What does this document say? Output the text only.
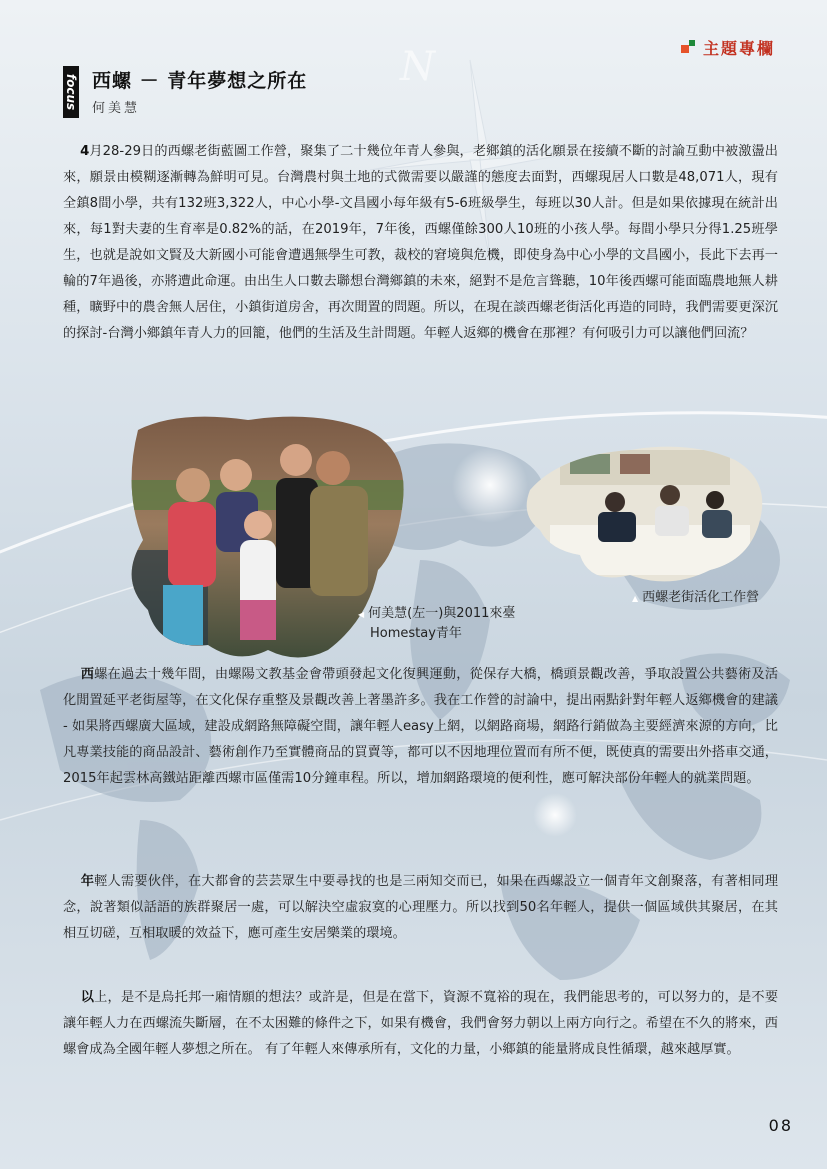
N	主題專欄
focus 西螺 － 青年夢想之所在
何美慧
4月28-29日的西螺老街藍圖工作營，聚集了二十幾位年青人參與，老鄉鎮的活化願景在接續不斷的討論互動中被激盪出來，願景由模糊逐漸轉為鮮明可見。台灣農村與土地的式微需要以嚴謹的態度去面對，西螺現居人口數是48,071人，現有全鎮8間小學，共有132班3,322人，中心小學-文昌國小每年級有5-6班級學生，每班以30人計。但是如果依據現在統計出來，每1對夫妻的生育率是0.82%的話，在2019年，7年後，西螺僅餘300人10班的小孩人學。每間小學只分得1.25班學生，也就是說如文賢及大新國小可能會遭遇無學生可教，裁校的窘境與危機，即使身為中心小學的文昌國小，長此下去再一輪的7年過後，亦將遭此命運。由出生人口數去聯想台灣鄉鎮的未來，絕對不是危言聳聽，10年後西螺可能面臨農地無人耕種，曠野中的農舍無人居住，小鎮街道房舍，再次閒置的問題。所以，在現在談西螺老街活化再造的同時，我們需要更深沉的探討-台灣小鄉鎮年青人力的回籠，他們的生活及生計問題。年輕人返鄉的機會在那裡？有何吸引力可以讓他們回流？
◀ 何美慧(左一)與2011來臺
Homestay青年
▲ 西螺老街活化工作營
西螺在過去十幾年間，由螺陽文教基金會帶頭發起文化復興運動，從保存大橋，橋頭景觀改善，爭取設置公共藝術及活化閒置延平老街屋等，在文化保存重整及景觀改善上著墨許多。我在工作營的討論中，提出兩點針對年輕人返鄉機會的建議 - 如果將西螺廣大區域，建設成網路無障礙空間，讓年輕人easy上網，以網路商場，網路行銷做為主要經濟來源的方向，比凡專業技能的商品設計、藝術創作乃至實體商品的買賣等，都可以不因地理位置而有所不便，既使真的需要出外搭車交通，2015年起雲林高鐵站距離西螺市區僅需10分鐘車程。所以，增加網路環境的便利性，應可解決部份年輕人的就業問題。
年輕人需要伙伴，在大都會的芸芸眾生中要尋找的也是三兩知交而已，如果在西螺設立一個青年文創聚落，有著相同理念，說著類似話語的族群聚居一處，可以解決空虛寂寞的心理壓力。所以找到50名年輕人，提供一個區域供其聚居，在其相互切磋，互相取暖的效益下，應可產生安居樂業的環境。
以上，是不是烏托邦一廂情願的想法？或許是，但是在當下，資源不寬裕的現在，我們能思考的，可以努力的，是不要讓年輕人力在西螺流失斷層，在不太困難的條件之下，如果有機會，我們會努力朝以上兩方向行之。希望在不久的將來，西螺會成為全國年輕人夢想之所在。 有了年輕人來傳承所有，文化的力量，小鄉鎮的能量將成良性循環，越來越厚實。
08
